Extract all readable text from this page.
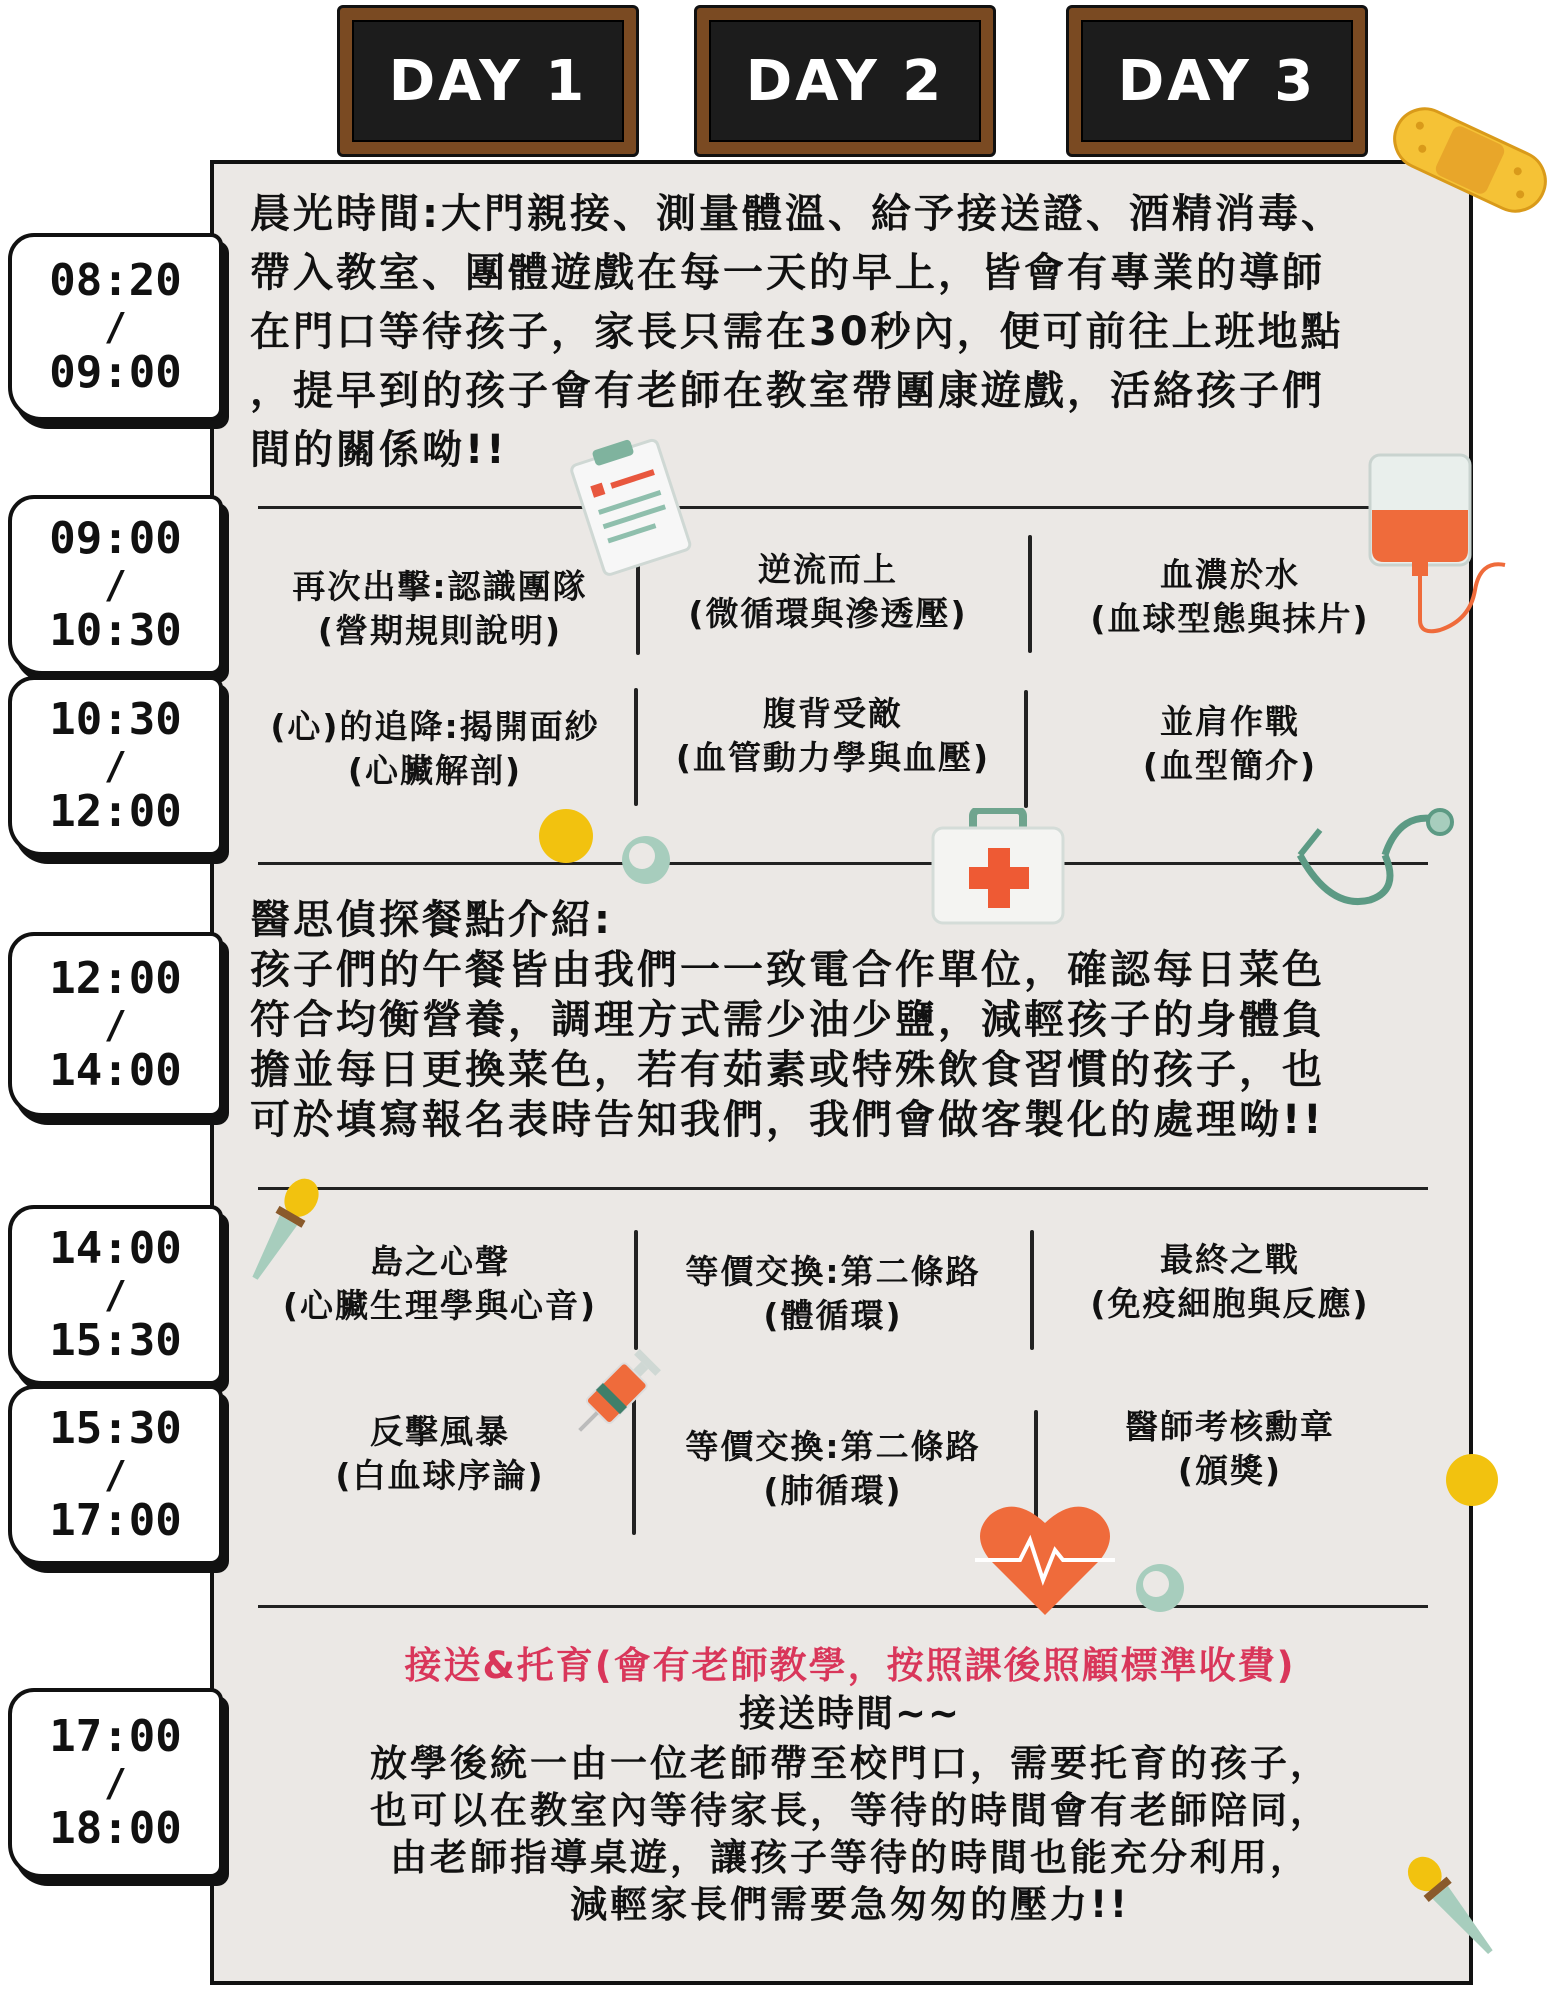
DAY 1	DAY 2	DAY 3
08:20
/
09:00
09:00
/
10:30
10:30
/
12:00
12:00
/
14:00
14:00
/
15:30
15:30
/
17:00
17:00
/
18:00
晨光時間:大門親接、測量體溫、給予接送證、酒精消毒、
帶入教室、團體遊戲在每一天的早上，皆會有專業的導師
在門口等待孩子，家長只需在30秒內，便可前往上班地點
，提早到的孩子會有老師在教室帶團康遊戲，活絡孩子們
間的關係呦!!
再次出擊:認識團隊
(營期規則說明)
逆流而上
(微循環與滲透壓)
血濃於水
(血球型態與抹片)
(心)的追降:揭開面紗
(心臟解剖)
腹背受敵
(血管動力學與血壓)
並肩作戰
(血型簡介)
醫思偵探餐點介紹:
孩子們的午餐皆由我們一一致電合作單位，確認每日菜色
符合均衡營養，調理方式需少油少鹽，減輕孩子的身體負
擔並每日更換菜色，若有茹素或特殊飲食習慣的孩子，也
可於填寫報名表時告知我們，我們會做客製化的處理呦!!
島之心聲
(心臟生理學與心音)
等價交換:第二條路
(體循環)
最終之戰
(免疫細胞與反應)
反擊風暴
(白血球序論)
等價交換:第二條路
(肺循環)
醫師考核勳章
(頒獎)
接送&托育(會有老師教學，按照課後照顧標準收費)
接送時間~~
放學後統一由一位老師帶至校門口，需要托育的孩子，
也可以在教室內等待家長，等待的時間會有老師陪同，
由老師指導桌遊，讓孩子等待的時間也能充分利用，
減輕家長們需要急匆匆的壓力!!
